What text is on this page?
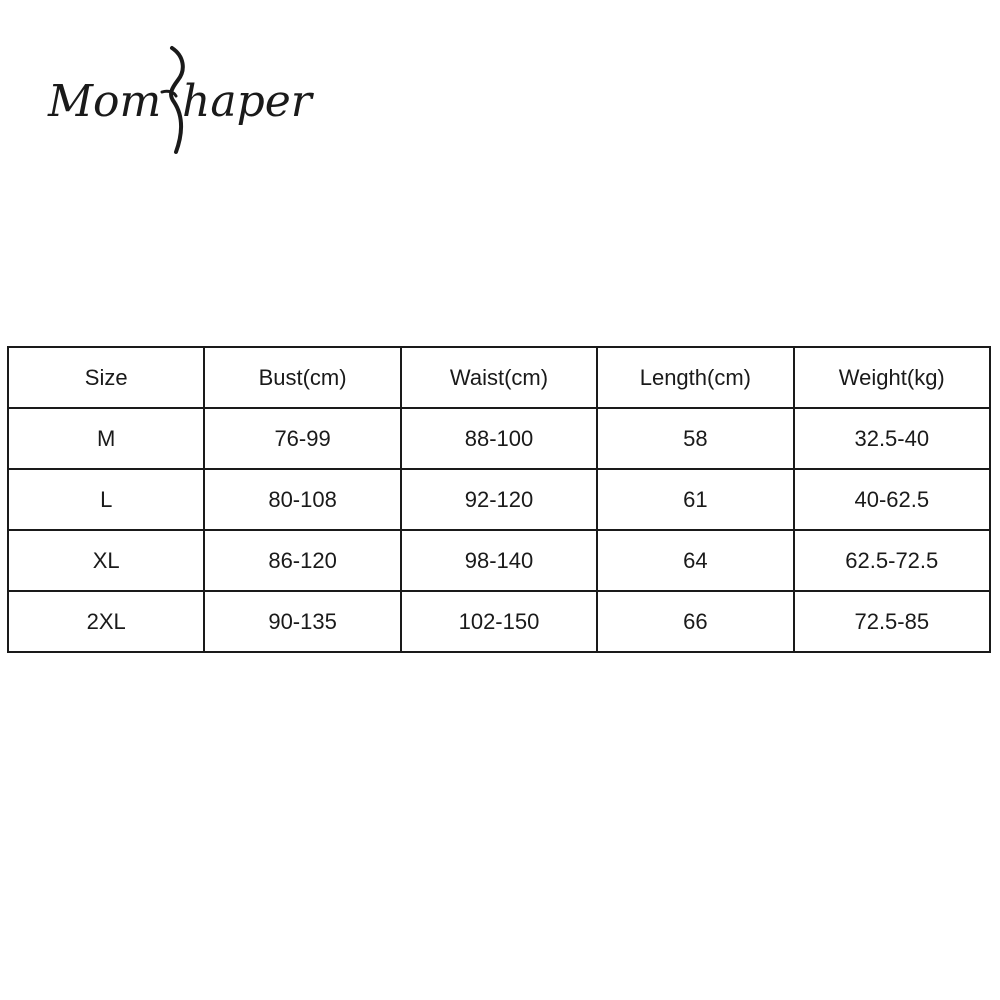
Mom haper
Size	Bust(cm)	Waist(cm)	Length(cm)	Weight(kg)
M	76-99	88-100	58	32.5-40
L	80-108	92-120	61	40-62.5
XL	86-120	98-140	64	62.5-72.5
2XL	90-135	102-150	66	72.5-85
